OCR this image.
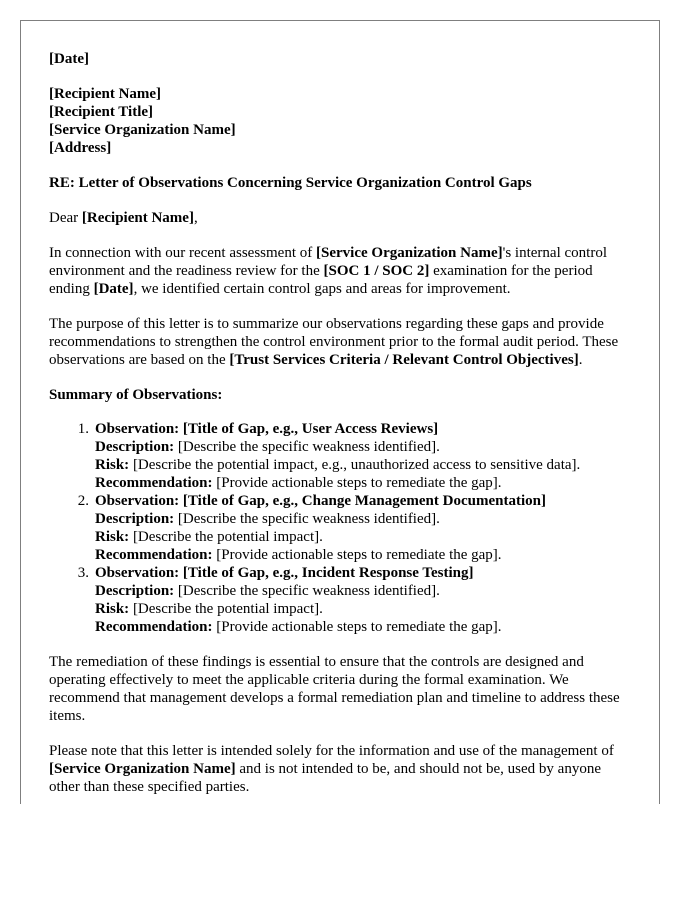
[Date]
[Recipient Name]
[Recipient Title]
[Service Organization Name]
[Address]

RE: Letter of Observations Concerning Service Organization Control Gaps

Dear [Recipient Name],

In connection with our recent assessment of [Service Organization Name]'s internal control environment and the readiness review for the [SOC 1 / SOC 2] examination for the period ending [Date], we identified certain control gaps and areas for improvement.

The purpose of this letter is to summarize our observations regarding these gaps and provide recommendations to strengthen the control environment prior to the formal audit period. These observations are based on the [Trust Services Criteria / Relevant Control Objectives].

Summary of Observations:
1. Observation: [Title of Gap, e.g., User Access Reviews]
Description: [Describe the specific weakness identified].
Risk: [Describe the potential impact, e.g., unauthorized access to sensitive data].
Recommendation: [Provide actionable steps to remediate the gap].
2. Observation: [Title of Gap, e.g., Change Management Documentation]
Description: [Describe the specific weakness identified].
Risk: [Describe the potential impact].
Recommendation: [Provide actionable steps to remediate the gap].
3. Observation: [Title of Gap, e.g., Incident Response Testing]
Description: [Describe the specific weakness identified].
Risk: [Describe the potential impact].
Recommendation: [Provide actionable steps to remediate the gap].

The remediation of these findings is essential to ensure that the controls are designed and operating effectively to meet the applicable criteria during the formal examination. We recommend that management develops a formal remediation plan and timeline to address these items.

Please note that this letter is intended solely for the information and use of the management of [Service Organization Name] and is not intended to be, and should not be, used by anyone other than these specified parties.
